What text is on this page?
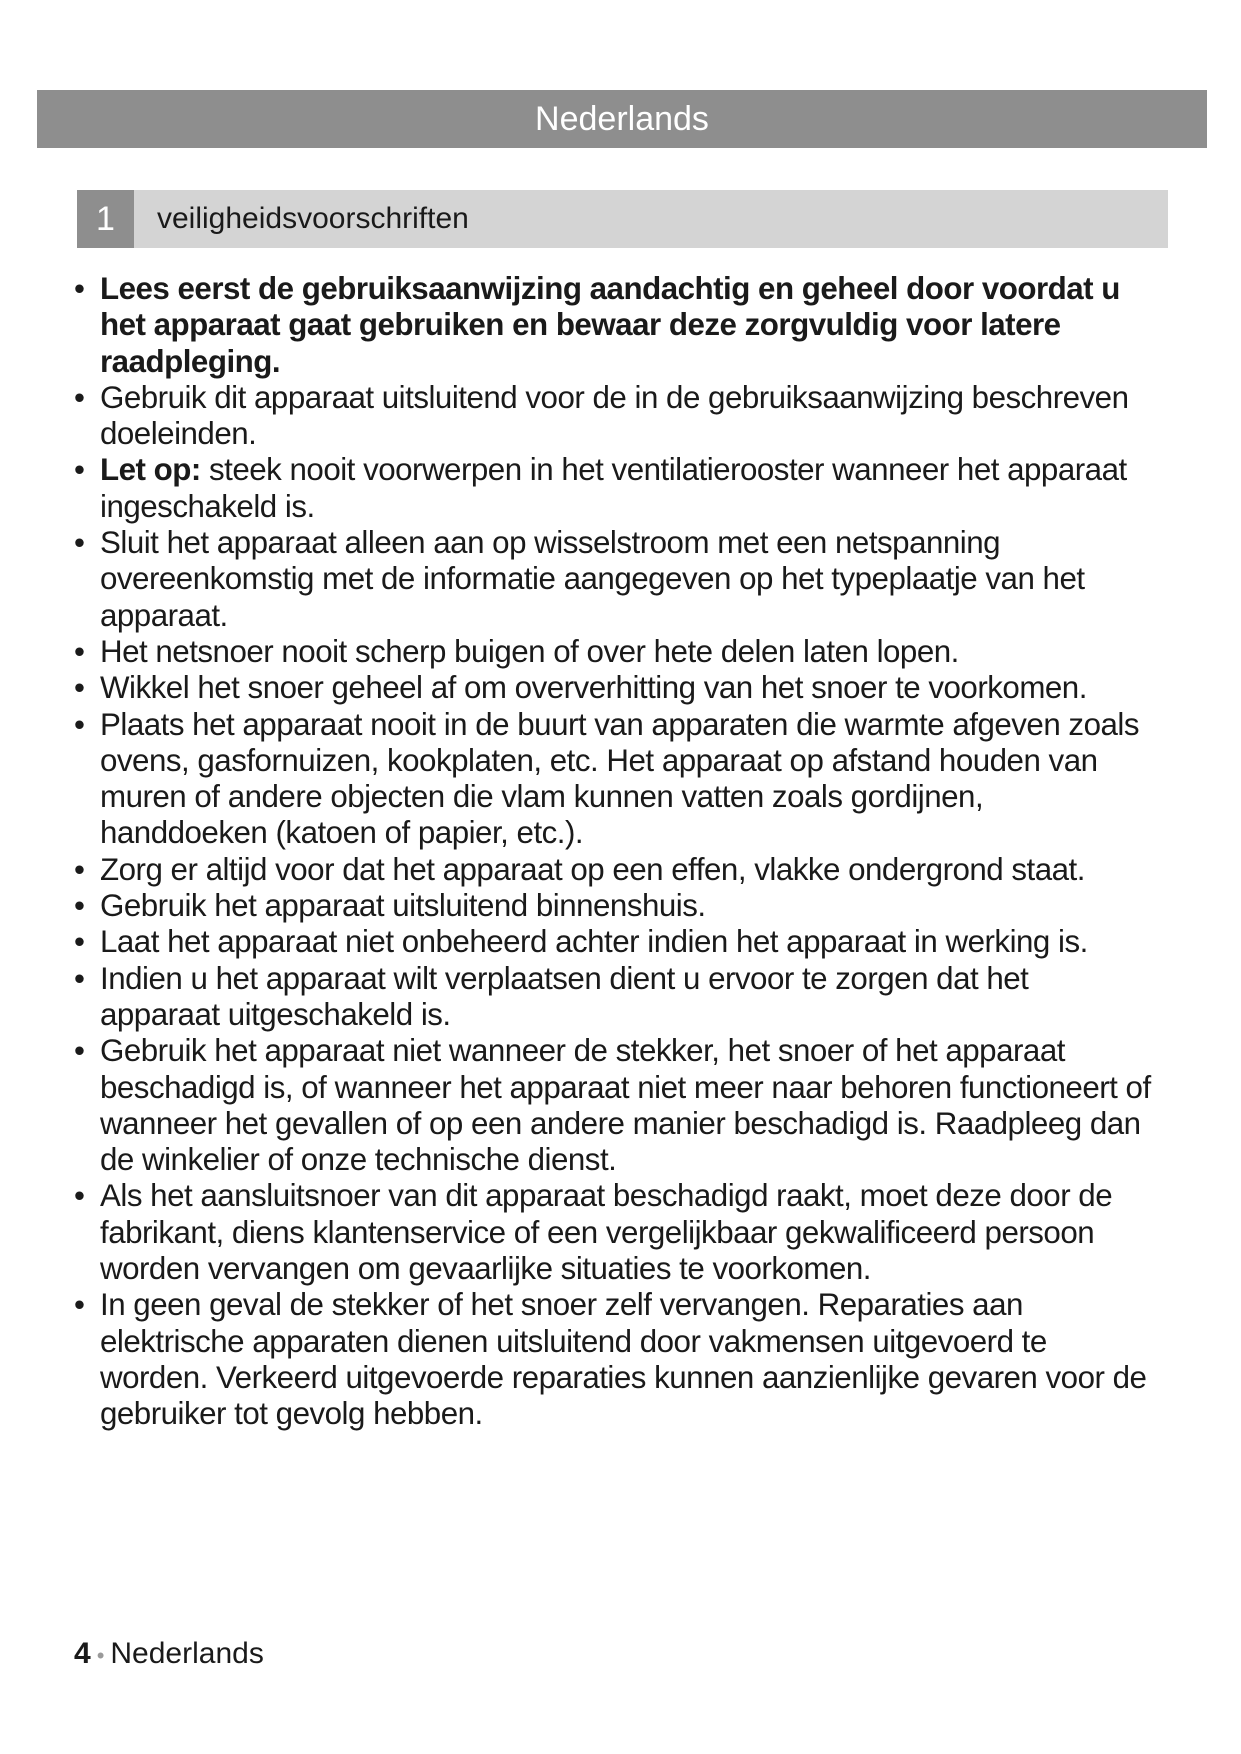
Nederlands
1	veiligheidsvoorschriften
• Lees eerst de gebruiksaanwijzing aandachtig en geheel door voordat u het apparaat gaat gebruiken en bewaar deze zorgvuldig voor latere raadpleging.
• Gebruik dit apparaat uitsluitend voor de in de gebruiksaanwijzing beschreven doeleinden.
• Let op: steek nooit voorwerpen in het ventilatierooster wanneer het apparaat ingeschakeld is.
• Sluit het apparaat alleen aan op wisselstroom met een netspanning overeenkomstig met de informatie aangegeven op het typeplaatje van het apparaat.
• Het netsnoer nooit scherp buigen of over hete delen laten lopen.
• Wikkel het snoer geheel af om oververhitting van het snoer te voorkomen.
• Plaats het apparaat nooit in de buurt van apparaten die warmte afgeven zoals ovens, gasfornuizen, kookplaten, etc. Het apparaat op afstand houden van muren of andere objecten die vlam kunnen vatten zoals gordijnen, handdoeken (katoen of papier, etc.).
• Zorg er altijd voor dat het apparaat op een effen, vlakke ondergrond staat.
• Gebruik het apparaat uitsluitend binnenshuis.
• Laat het apparaat niet onbeheerd achter indien het apparaat in werking is.
• Indien u het apparaat wilt verplaatsen dient u ervoor te zorgen dat het apparaat uitgeschakeld is.
• Gebruik het apparaat niet wanneer de stekker, het snoer of het apparaat beschadigd is, of wanneer het apparaat niet meer naar behoren functioneert of wanneer het gevallen of op een andere manier beschadigd is. Raadpleeg dan de winkelier of onze technische dienst.
• Als het aansluitsnoer van dit apparaat beschadigd raakt, moet deze door de fabrikant, diens klantenservice of een vergelijkbaar gekwalificeerd persoon worden vervangen om gevaarlijke situaties te voorkomen.
• In geen geval de stekker of het snoer zelf vervangen. Reparaties aan elektrische apparaten dienen uitsluitend door vakmensen uitgevoerd te worden. Verkeerd uitgevoerde reparaties kunnen aanzienlijke gevaren voor de gebruiker tot gevolg hebben.
4 • Nederlands
